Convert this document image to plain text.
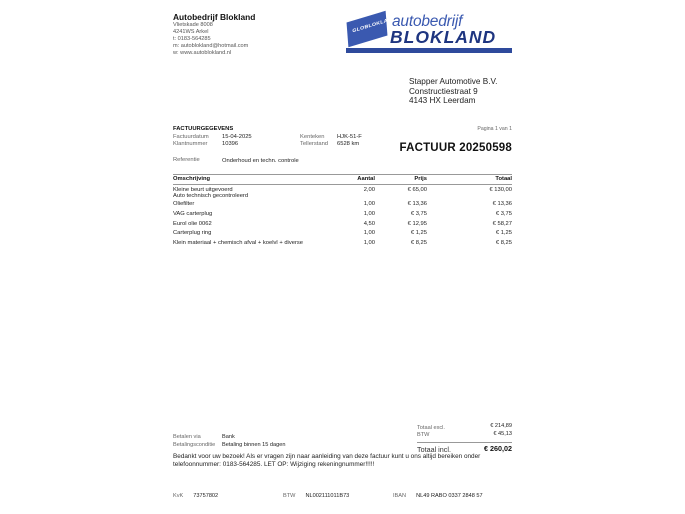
Autobedrijf Blokland
Vlietskade 8008
4241WS Arkel
t: 0183-564285
m: autoblokland@hotmail.com
w: www.autoblokland.nl
GLOBLOKLAND
autobedrijf
BLOKLAND
Stapper Automotive B.V.
Constructiestraat 9
4143 HX Leerdam
Pagina 1 van 1
FACTUURGEGEVENS
Factuurdatum 15-04-2025
Klantnummer	10396
Kenteken HJK-51-F
Tellerstand 6528 km
Referentie	Onderhoud en techn. controle
FACTUUR 20250598
Omschrijving	Aantal	Prijs	Totaal
Kleine beurt uitgevoerd
Auto technisch gecontroleerd
2,00	€ 65,00	€ 130,00
Oliefilter	1,00	€ 13,36	€ 13,36
VAG carterplug	1,00	€ 3,75	€ 3,75
Eurol olie 0062	4,50	€ 12,95	€ 58,27
Carterplug ring	1,00	€ 1,25	€ 1,25
Klein materiaal + chemisch afval + koelvl + diverse	1,00	€ 8,25	€ 8,25
Totaal excl.	€ 214,89
BTW	€ 45,13
Totaal incl.	€ 260,02
Betalen via	Bank
Betalingsconditie Betaling binnen 15 dagen
Bedankt voor uw bezoek! Als er vragen zijn naar aanleiding van deze factuur kunt u ons altijd bereiken onder telefoonnummer: 0183-564285. LET OP: Wijziging rekeningnummer!!!!!
KvK 73757802	BTW NL002111011B73	IBAN NL49 RABO 0337 2848 57
